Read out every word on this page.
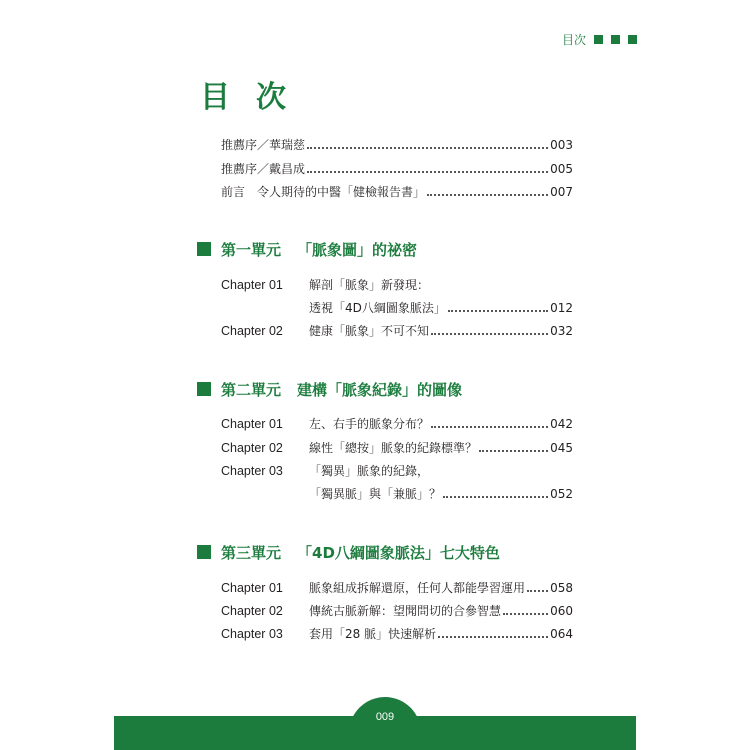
目次
目 次
推薦序／華瑞慈	003
推薦序／戴昌成	005
前言　令人期待的中醫「健檢報告書」	007
第一單元 「脈象圖」的祕密
Chapter 01 解剖「脈象」新發現：
透視「4D八綱圖象脈法」	012
Chapter 02 健康「脈象」不可不知	032
第二單元 建構「脈象紀錄」的圖像
Chapter 01 左、右手的脈象分布？	042
Chapter 02 線性「總按」脈象的紀錄標準？	045
Chapter 03 「獨異」脈象的紀錄，
「獨異脈」與「兼脈」？	052
第三單元 「4D八綱圖象脈法」七大特色
Chapter 01 脈象組成拆解還原，任何人都能學習運用 058
Chapter 02 傳統古脈新解：望聞問切的合參智慧	060
Chapter 03 套用「28 脈」快速解析	064
009
